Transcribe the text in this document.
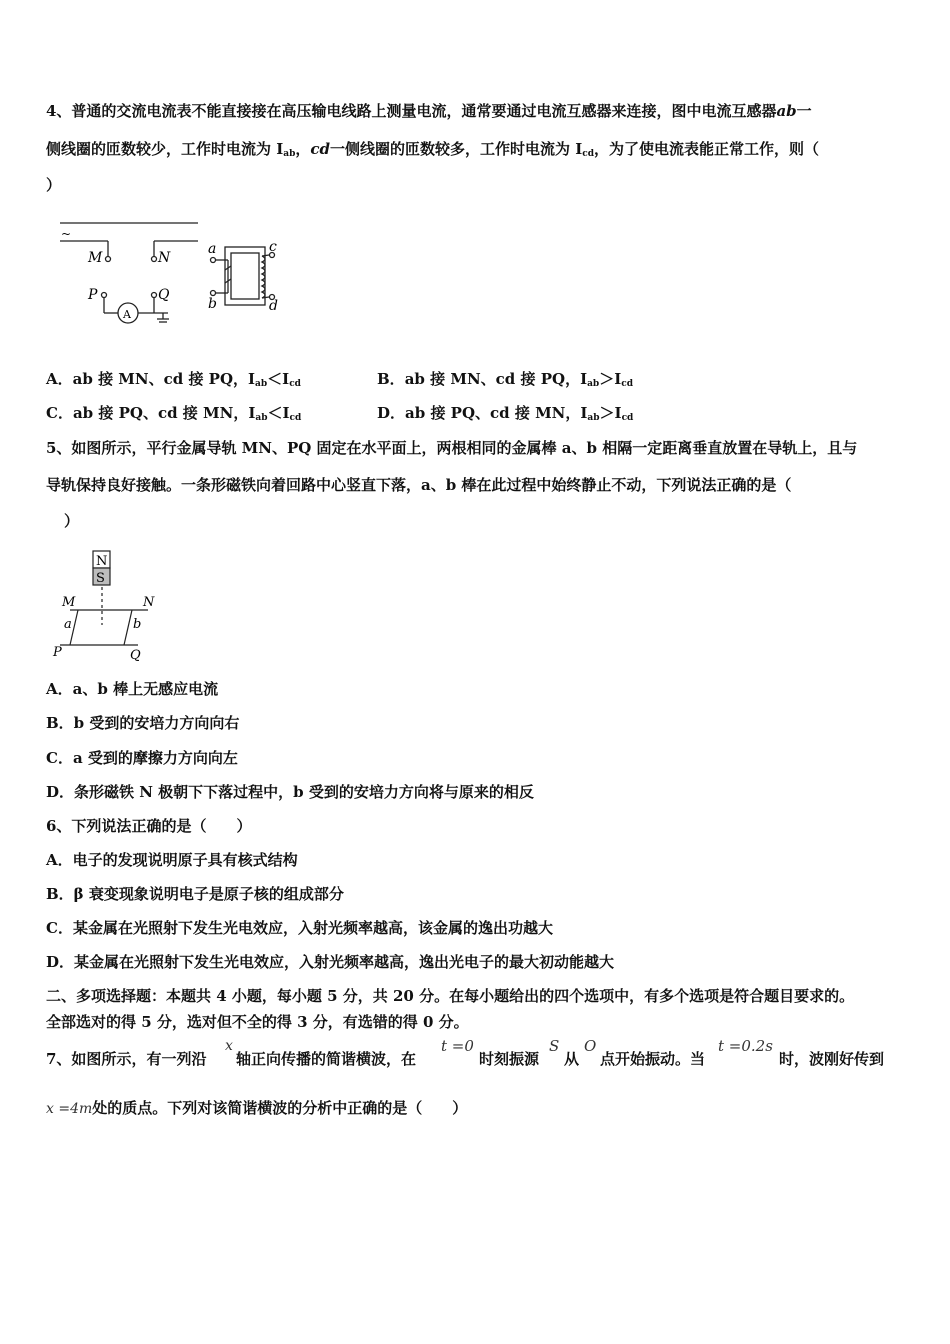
4、普通的交流电流表不能直接接在高压输电线路上测量电流，通常要通过电流互感器来连接，图中电流互感器ab一
侧线圈的匝数较少，工作时电流为 $I_{ab}$，cd一侧线圈的匝数较多，工作时电流为 $I_{cd}$，为了使电流表能正常工作，则（
）
~
M	N
P	Q
A
a
b
c
d
A．ab 接 MN、cd 接 PQ，$I_{ab}<I_{cd}$	B．ab 接 MN、cd 接 PQ，$I_{ab}>I_{cd}$
C．ab 接 PQ、cd 接 MN，$I_{ab}<I_{cd}$	D．ab 接 PQ、cd 接 MN，$I_{ab}>I_{cd}$
5、如图所示，平行金属导轨 MN、PQ 固定在水平面上，两根相同的金属棒 a、b 相隔一定距离垂直放置在导轨上，且与
导轨保持良好接触。一条形磁铁向着回路中心竖直下落，a、b 棒在此过程中始终静止不动，下列说法正确的是（
）
N
S
M	N
a	b
P	Q
A．a、b 棒上无感应电流
B．b 受到的安培力方向向右
C．a 受到的摩擦力方向向左
D．条形磁铁 N 极朝下下落过程中，b 受到的安培力方向将与原来的相反
6、下列说法正确的是（　　）
A．电子的发现说明原子具有核式结构
B．β 衰变现象说明电子是原子核的组成部分
C．某金属在光照射下发生光电效应，入射光频率越高，该金属的逸出功越大
D．某金属在光照射下发生光电效应，入射光频率越高，逸出光电子的最大初动能越大
二、多项选择题：本题共 4 小题，每小题 5 分，共 20 分。在每小题给出的四个选项中，有多个选项是符合题目要求的。
全部选对的得 5 分，选对但不全的得 3 分，有选错的得 0 分。
7、如图所示，有一列沿
x
轴正向传播的简谐横波，在
t =0
时刻振源
S
从
O
点开始振动。当
t =0.2s
时，波刚好传到
x =4m处的质点。下列对该简谐横波的分析中正确的是（　　）
